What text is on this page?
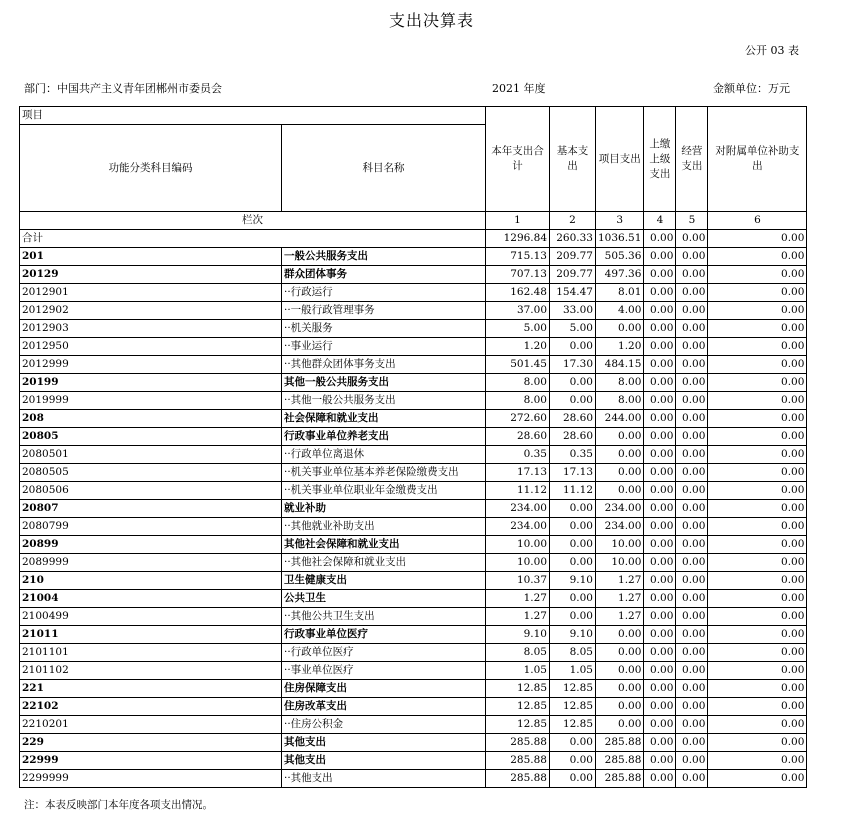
支出决算表
公开 03 表
部门：中国共产主义青年团郴州市委员会	2021 年度	金额单位：万元
项目		本年支出合计	基本支出	项目支出	上缴上级支出	经营支出	对附属单位补助支出
功能分类科目编码	科目名称						
栏次		1	2	3	4	5	6
合计		1296.84	260.33	1036.51	0.00	0.00	0.00
201	一般公共服务支出	715.13	209.77	505.36	0.00	0.00	0.00
20129	群众团体事务	707.13	209.77	497.36	0.00	0.00	0.00
2012901	··行政运行	162.48	154.47	8.01	0.00	0.00	0.00
2012902	··一般行政管理事务	37.00	33.00	4.00	0.00	0.00	0.00
2012903	··机关服务	5.00	5.00	0.00	0.00	0.00	0.00
2012950	··事业运行	1.20	0.00	1.20	0.00	0.00	0.00
2012999	··其他群众团体事务支出	501.45	17.30	484.15	0.00	0.00	0.00
20199	其他一般公共服务支出	8.00	0.00	8.00	0.00	0.00	0.00
2019999	··其他一般公共服务支出	8.00	0.00	8.00	0.00	0.00	0.00
208	社会保障和就业支出	272.60	28.60	244.00	0.00	0.00	0.00
20805	行政事业单位养老支出	28.60	28.60	0.00	0.00	0.00	0.00
2080501	··行政单位离退休	0.35	0.35	0.00	0.00	0.00	0.00
2080505	··机关事业单位基本养老保险缴费支出	17.13	17.13	0.00	0.00	0.00	0.00
2080506	··机关事业单位职业年金缴费支出	11.12	11.12	0.00	0.00	0.00	0.00
20807	就业补助	234.00	0.00	234.00	0.00	0.00	0.00
2080799	··其他就业补助支出	234.00	0.00	234.00	0.00	0.00	0.00
20899	其他社会保障和就业支出	10.00	0.00	10.00	0.00	0.00	0.00
2089999	··其他社会保障和就业支出	10.00	0.00	10.00	0.00	0.00	0.00
210	卫生健康支出	10.37	9.10	1.27	0.00	0.00	0.00
21004	公共卫生	1.27	0.00	1.27	0.00	0.00	0.00
2100499	··其他公共卫生支出	1.27	0.00	1.27	0.00	0.00	0.00
21011	行政事业单位医疗	9.10	9.10	0.00	0.00	0.00	0.00
2101101	··行政单位医疗	8.05	8.05	0.00	0.00	0.00	0.00
2101102	··事业单位医疗	1.05	1.05	0.00	0.00	0.00	0.00
221	住房保障支出	12.85	12.85	0.00	0.00	0.00	0.00
22102	住房改革支出	12.85	12.85	0.00	0.00	0.00	0.00
2210201	··住房公积金	12.85	12.85	0.00	0.00	0.00	0.00
229	其他支出	285.88	0.00	285.88	0.00	0.00	0.00
22999	其他支出	285.88	0.00	285.88	0.00	0.00	0.00
2299999	··其他支出	285.88	0.00	285.88	0.00	0.00	0.00
注：本表反映部门本年度各项支出情况。
